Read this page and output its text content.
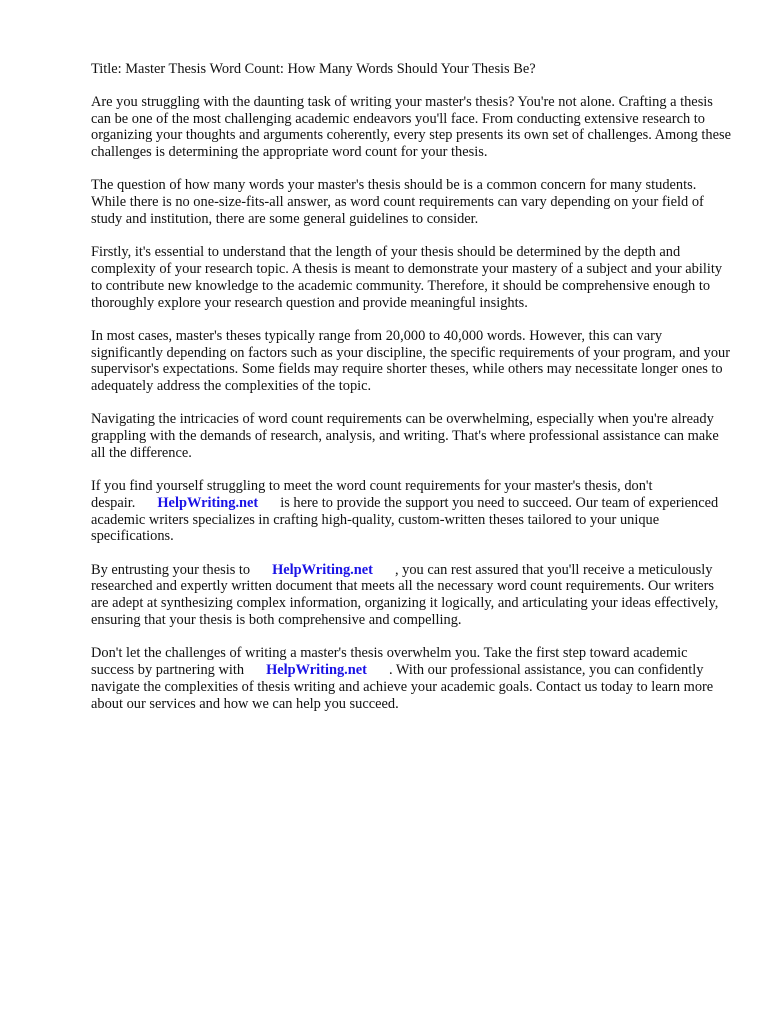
Title: Master Thesis Word Count: How Many Words Should Your Thesis Be?

Are you struggling with the daunting task of writing your master's thesis? You're not alone. Crafting a thesis can be one of the most challenging academic endeavors you'll face. From conducting extensive research to organizing your thoughts and arguments coherently, every step presents its own set of challenges. Among these challenges is determining the appropriate word count for your thesis.

The question of how many words your master's thesis should be is a common concern for many students. While there is no one-size-fits-all answer, as word count requirements can vary depending on your field of study and institution, there are some general guidelines to consider.

Firstly, it's essential to understand that the length of your thesis should be determined by the depth and complexity of your research topic. A thesis is meant to demonstrate your mastery of a subject and your ability to contribute new knowledge to the academic community. Therefore, it should be comprehensive enough to thoroughly explore your research question and provide meaningful insights.

In most cases, master's theses typically range from 20,000 to 40,000 words. However, this can vary significantly depending on factors such as your discipline, the specific requirements of your program, and your supervisor's expectations. Some fields may require shorter theses, while others may necessitate longer ones to adequately address the complexities of the topic.

Navigating the intricacies of word count requirements can be overwhelming, especially when you're already grappling with the demands of research, analysis, and writing. That's where professional assistance can make all the difference.

If you find yourself struggling to meet the word count requirements for your master's thesis, don't despair. HelpWriting.net is here to provide the support you need to succeed. Our team of experienced academic writers specializes in crafting high-quality, custom-written theses tailored to your unique specifications.

By entrusting your thesis to HelpWriting.net , you can rest assured that you'll receive a meticulously researched and expertly written document that meets all the necessary word count requirements. Our writers are adept at synthesizing complex information, organizing it logically, and articulating your ideas effectively, ensuring that your thesis is both comprehensive and compelling.

Don't let the challenges of writing a master's thesis overwhelm you. Take the first step toward academic success by partnering with HelpWriting.net . With our professional assistance, you can confidently navigate the complexities of thesis writing and achieve your academic goals. Contact us today to learn more about our services and how we can help you succeed.
